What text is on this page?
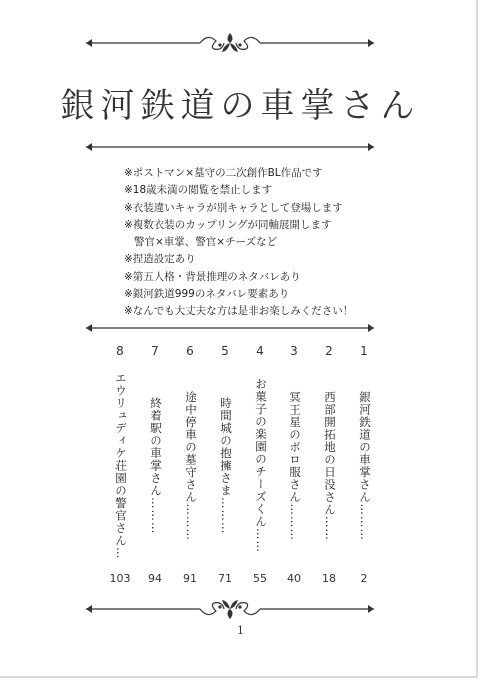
銀河鉄道の車掌さん
※ポストマン×墓守の二次創作BL作品です
※18歳未満の閲覧を禁止します
※衣装違いキャラが別キャラとして登場します
※複数衣装のカップリングが同軸展開します
警官×車掌、警官×チーズなど
※捏造設定あり
※第五人格・背景推理のネタバレあり
※銀河鉄道999のネタバレ要素あり
※なんでも大丈夫な方は是非お楽しみください！
1
銀河鉄道の車掌さん………
2
2
西部開拓地の日没さん……
18
3
冥王星のボロ服さん………
40
4
お菓子の楽園のチーズくん……
55
5
時間城の抱擁さま………
71
6
途中停車の墓守さん………
91
7
終着駅の車掌さん………
94
8
エウリュディケ荘園の警官さん…
103
1
